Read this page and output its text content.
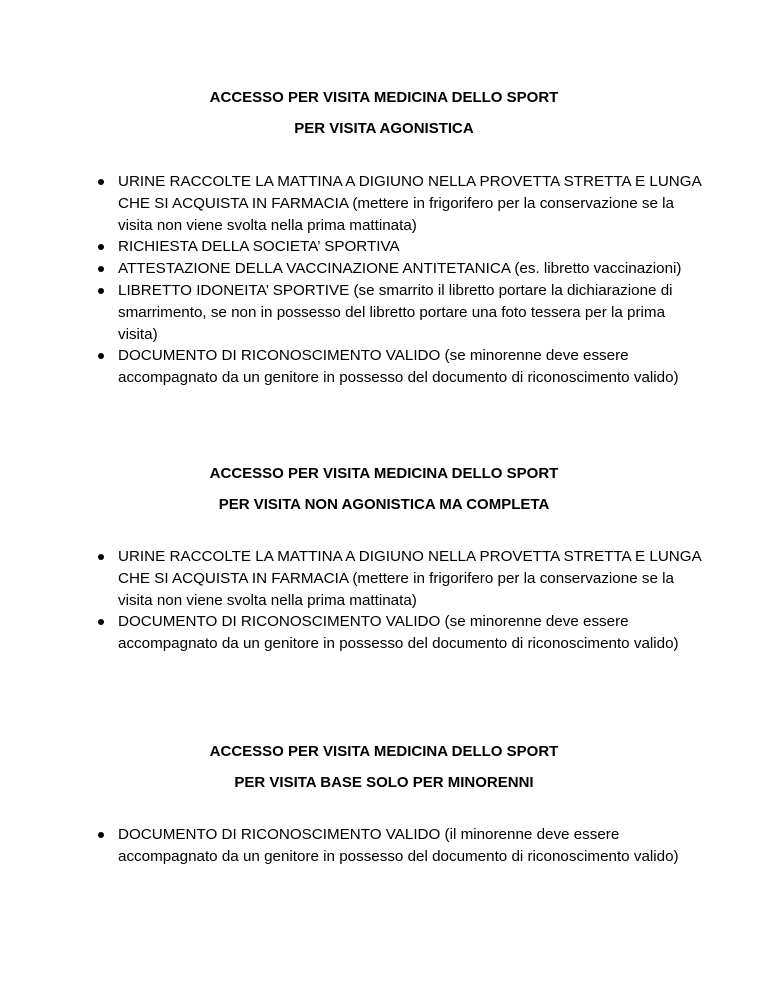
ACCESSO PER VISITA MEDICINA DELLO SPORT

PER VISITA AGONISTICA

URINE RACCOLTE LA MATTINA A DIGIUNO NELLA PROVETTA STRETTA E LUNGA CHE SI ACQUISTA IN FARMACIA (mettere in frigorifero per la conservazione se la visita non viene svolta nella prima mattinata)
RICHIESTA DELLA SOCIETA’ SPORTIVA
ATTESTAZIONE DELLA VACCINAZIONE ANTITETANICA (es. libretto vaccinazioni)
LIBRETTO IDONEITA’ SPORTIVE (se smarrito il libretto portare la dichiarazione di smarrimento, se non in possesso del libretto portare una foto tessera per la prima visita)
DOCUMENTO DI RICONOSCIMENTO VALIDO (se minorenne deve essere accompagnato da un genitore in possesso del documento di riconoscimento valido)

ACCESSO PER VISITA MEDICINA DELLO SPORT

PER VISITA NON AGONISTICA MA COMPLETA

URINE RACCOLTE LA MATTINA A DIGIUNO NELLA PROVETTA STRETTA E LUNGA CHE SI ACQUISTA IN FARMACIA (mettere in frigorifero per la conservazione se la visita non viene svolta nella prima mattinata)
DOCUMENTO DI RICONOSCIMENTO VALIDO (se minorenne deve essere accompagnato da un genitore in possesso del documento di riconoscimento valido)

ACCESSO PER VISITA MEDICINA DELLO SPORT

PER VISITA BASE SOLO PER MINORENNI

DOCUMENTO DI RICONOSCIMENTO VALIDO (il minorenne deve essere accompagnato da un genitore in possesso del documento di riconoscimento valido)
